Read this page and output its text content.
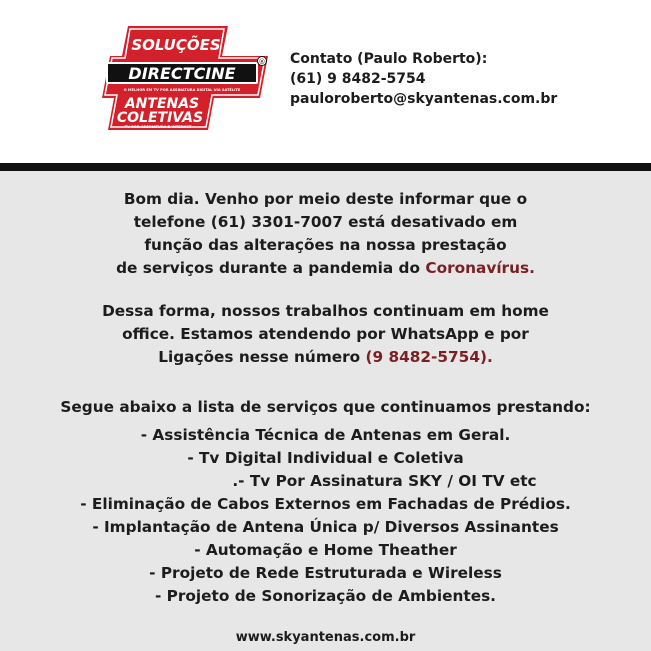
SOLUÇÕES
DIRECTCINE
®
O MELHOR EM TV POR ASSINATURA DIGITAL VIA SATÉLITE
ANTENAS
COLETIVAS
TV POR ASSINATURA E INTERNET
Contato (Paulo Roberto):
(61) 9 8482-5754
pauloroberto@skyantenas.com.br
Bom dia. Venho por meio deste informar que o
telefone (61) 3301-7007 está desativado em
função das alterações na nossa prestação
de serviços durante a pandemia do Coronavírus.
Dessa forma, nossos trabalhos continuam em home
office. Estamos atendendo por WhatsApp e por
Ligações nesse número (9 8482-5754).
Segue abaixo a lista de serviços que continuamos prestando:
- Assistência Técnica de Antenas em Geral.
- Tv Digital Individual e Coletiva
.- Tv Por Assinatura SKY / OI TV etc
- Eliminação de Cabos Externos em Fachadas de Prédios.
- Implantação de Antena Única p/ Diversos Assinantes
- Automação e Home Theather
- Projeto de Rede Estruturada e Wireless
- Projeto de Sonorização de Ambientes.
www.skyantenas.com.br
